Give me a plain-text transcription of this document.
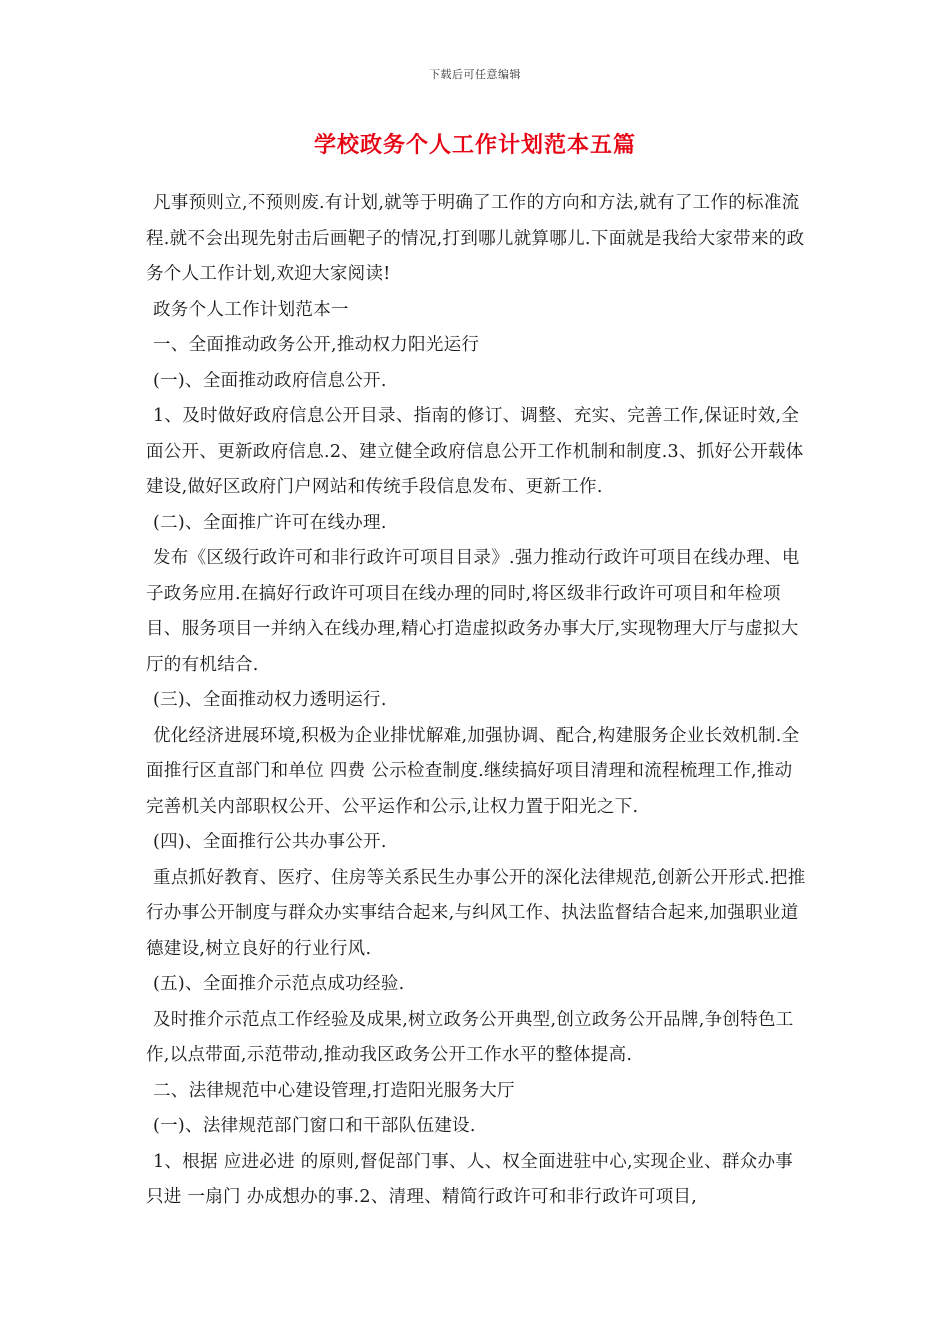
下载后可任意编辑
学校政务个人工作计划范本五篇

凡事预则立,不预则废.有计划,就等于明确了工作的方向和方法,就有了工作的标准流程.就不会出现先射击后画靶子的情况,打到哪儿就算哪儿.下面就是我给大家带来的政务个人工作计划,欢迎大家阅读!

政务个人工作计划范本一

一、全面推动政务公开,推动权力阳光运行

(一)、全面推动政府信息公开.

1、及时做好政府信息公开目录、指南的修订、调整、充实、完善工作,保证时效,全面公开、更新政府信息.2、建立健全政府信息公开工作机制和制度.3、抓好公开载体建设,做好区政府门户网站和传统手段信息发布、更新工作.

(二)、全面推广许可在线办理.

发布《区级行政许可和非行政许可项目目录》.强力推动行政许可项目在线办理、电子政务应用.在搞好行政许可项目在线办理的同时,将区级非行政许可项目和年检项目、服务项目一并纳入在线办理,精心打造虚拟政务办事大厅,实现物理大厅与虚拟大厅的有机结合.

(三)、全面推动权力透明运行.

优化经济进展环境,积极为企业排忧解难,加强协调、配合,构建服务企业长效机制.全面推行区直部门和单位 四费 公示检查制度.继续搞好项目清理和流程梳理工作,推动完善机关内部职权公开、公平运作和公示,让权力置于阳光之下.

(四)、全面推行公共办事公开.

重点抓好教育、医疗、住房等关系民生办事公开的深化法律规范,创新公开形式.把推行办事公开制度与群众办实事结合起来,与纠风工作、执法监督结合起来,加强职业道德建设,树立良好的行业行风.

(五)、全面推介示范点成功经验.

及时推介示范点工作经验及成果,树立政务公开典型,创立政务公开品牌,争创特色工作,以点带面,示范带动,推动我区政务公开工作水平的整体提高.

二、法律规范中心建设管理,打造阳光服务大厅

(一)、法律规范部门窗口和干部队伍建设.

1、根据 应进必进 的原则,督促部门事、人、权全面进驻中心,实现企业、群众办事只进 一扇门 办成想办的事.2、清理、精简行政许可和非行政许可项目,
